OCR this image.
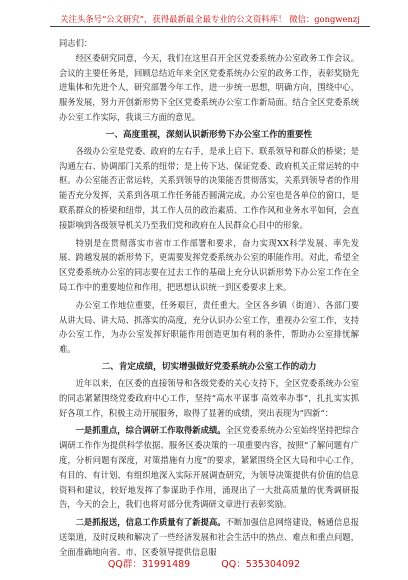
关注头条号“公文研究”，获得最新最全最专业的公文资料库！ 微信：gongwenzj

同志们：

经区委研究同意，今天，我们在这里召开全区党委系统办公室政务工作会议。会议的主要任务是，回顾总结近年来全区党委系统办公室的政务工作，表彰奖励先进集体和先进个人，研究部署今年工作，进一步统一思想，明确方向，围绕中心，服务发展，努力开创新形势下全区党委系统办公室工作新局面。结合全区党委系统办公室工作实际，我谈三方面的意见。

一、高度重视，深刻认识新形势下办公室工作的重要性

各级办公室是党委、政府的左右手，是承上启下、联系领导和群众的桥梁；是沟通左右、协调部门关系的纽带；是上传下达、保证党委、政府机关正常运转的中枢。办公室能否正常运转，关系到领导的决策能否贯彻落实，关系到领导者的作用能否充分发挥，关系到各项工作任务能否圆满完成。办公室也是各单位的窗口，是联系群众的桥梁和纽带，其工作人员的政治素质、工作作风和业务水平如何，会直接影响到各级领导机关乃至我们党和政府在人民群众心目中的形象。

特别是在贯彻落实市省市工作部署和要求，奋力实现XX科学发展、率先发展、跨越发展的新形势下，更需要发挥党委系统办公室的职能作用。对此，希望全区党委系统办公室的同志要在过去工作的基础上充分认识新形势下办公室工作在全局工作中的重要地位和作用，把思想认识统一到区委要求上来。

办公室工作地位重要，任务艰巨，责任重大。全区各乡镇（街道）、各部门要从讲大局、讲大局、抓落实的高度，充分认识办公室工作，重视办公室工作，支持办公室工作，为办公室发挥好职能作用创造更加有利的条件，帮助办公室排忧解难。

二、肯定成绩，切实增强做好党委系统办公室工作的动力

近年以来，在区委的直接领导和各级党委的关心支持下，全区党委系统办公室的同志紧紧围绕党委政府中心工作，坚持“高水平谋事 高效率办事”，扎扎实实抓好各项工作，积极主动开展服务，取得了显著的成绩，突出表现为“四新”：

一是抓重点，综合调研工作取得新成绩。全区党委系统办公室始终坚持把综合调研工作作为提供科学依据、服务区委决策的一项重要内容，按照“了解问题有广度，分析问题有深度，对策措施有力度”的要求，紧紧围绕全区大局和中心工作，有目的、有计划、有组织地深入实际开展调查研究，为领导决策提供有价值的信息资料和建议，较好地发挥了参谋助手作用，涌现出了一大批高质量的优秀调研报告，今天的会上，我们也将对部分优秀调研文章进行表彰奖励。

二是抓报送，信息工作质量有了新提高。不断加强信息网络建设，畅通信息报送渠道，及时反映和解决了一些经济发展和社会生活中的热点、难点和重点问题，全面准确地向省、市、区委领导提供信息服

QQ群：31991489	QQ：535304092
